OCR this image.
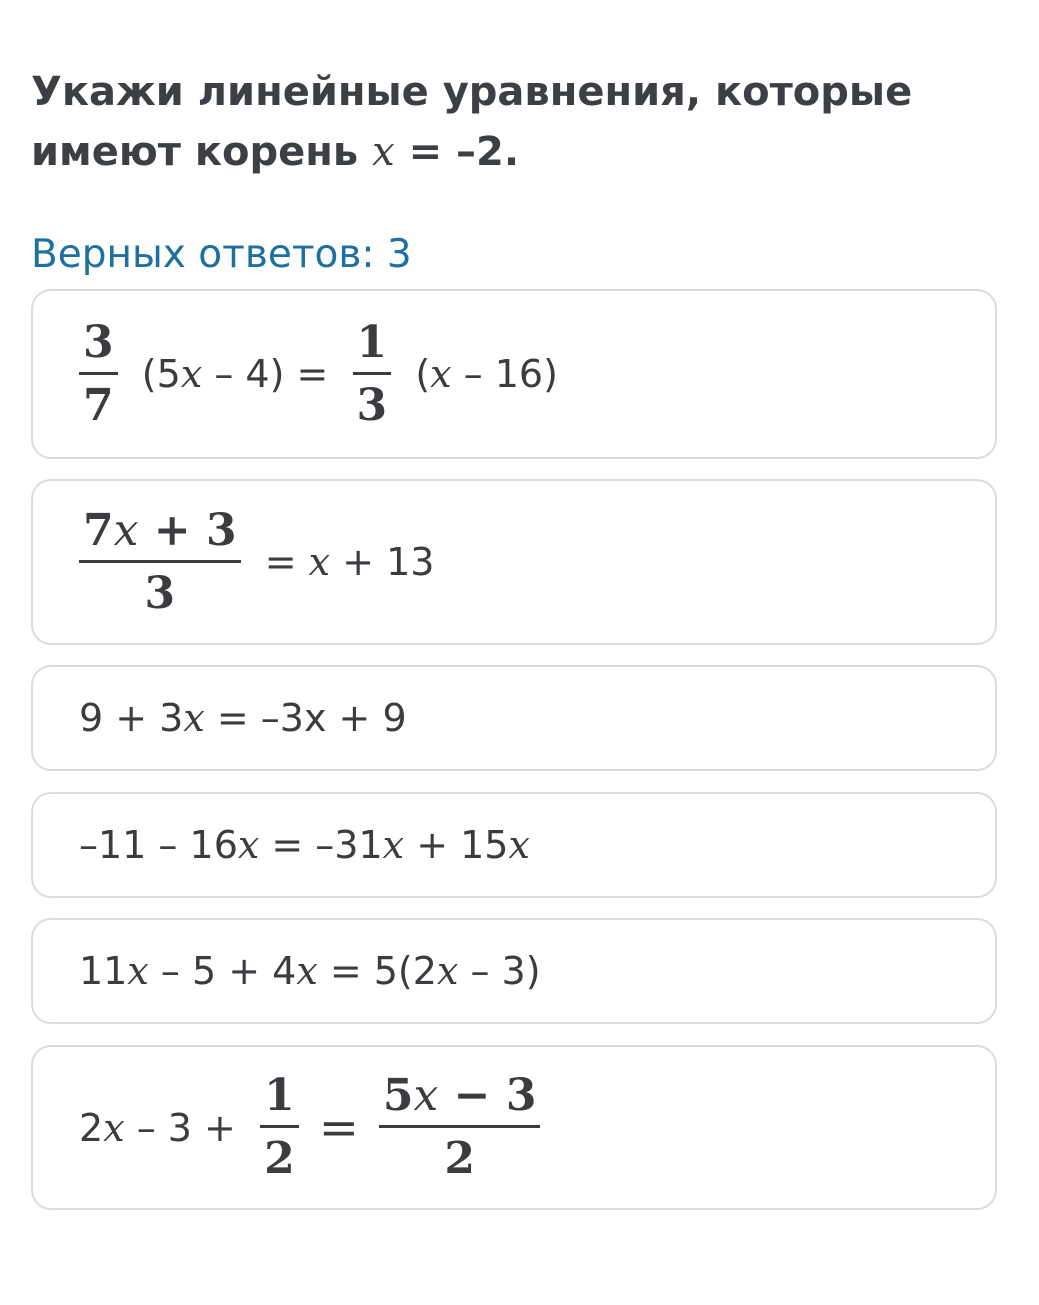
Укажи линейные уравнения, которые имеют корень x = –2.
Верных ответов: 3
$\frac{3}{7} (5x - 4) = \frac{1}{3} (x - 16)$
$\frac{7x + 3}{3} = x + 13$
9 + 3x = –3x + 9
–11 – 16x = –31x + 15x
11x – 5 + 4x = 5(2x – 3)
$2x - 3 + \frac{1}{2} = \frac{5x - 3}{2}$
